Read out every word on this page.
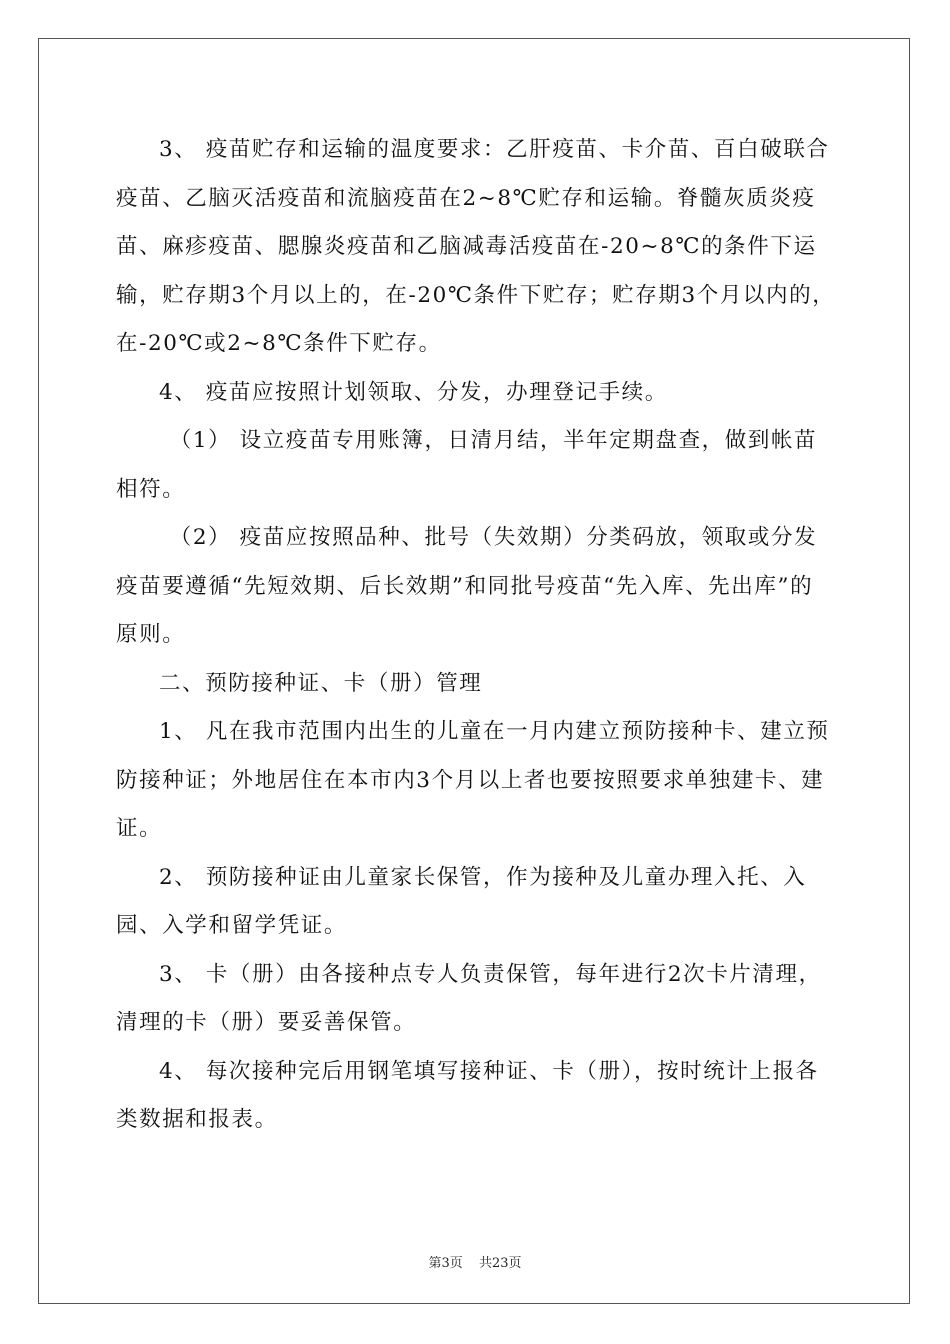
3、 疫苗贮存和运输的温度要求：乙肝疫苗、卡介苗、百白破联合疫苗、乙脑灭活疫苗和流脑疫苗在2~8℃贮存和运输。脊髓灰质炎疫苗、麻疹疫苗、腮腺炎疫苗和乙脑减毒活疫苗在-20~8℃的条件下运输，贮存期3个月以上的，在-20℃条件下贮存；贮存期3个月以内的，在-20℃或2~8℃条件下贮存。

4、 疫苗应按照计划领取、分发，办理登记手续。

（1） 设立疫苗专用账簿，日清月结，半年定期盘查，做到帐苗相符。

（2） 疫苗应按照品种、批号（失效期）分类码放，领取或分发疫苗要遵循“先短效期、后长效期”和同批号疫苗“先入库、先出库”的原则。

二、预防接种证、卡（册）管理

1、 凡在我市范围内出生的儿童在一月内建立预防接种卡、建立预防接种证；外地居住在本市内3个月以上者也要按照要求单独建卡、建证。

2、 预防接种证由儿童家长保管，作为接种及儿童办理入托、入园、入学和留学凭证。

3、 卡（册）由各接种点专人负责保管，每年进行2次卡片清理，清理的卡（册）要妥善保管。

4、 每次接种完后用钢笔填写接种证、卡（册），按时统计上报各类数据和报表。

第3页 共23页
